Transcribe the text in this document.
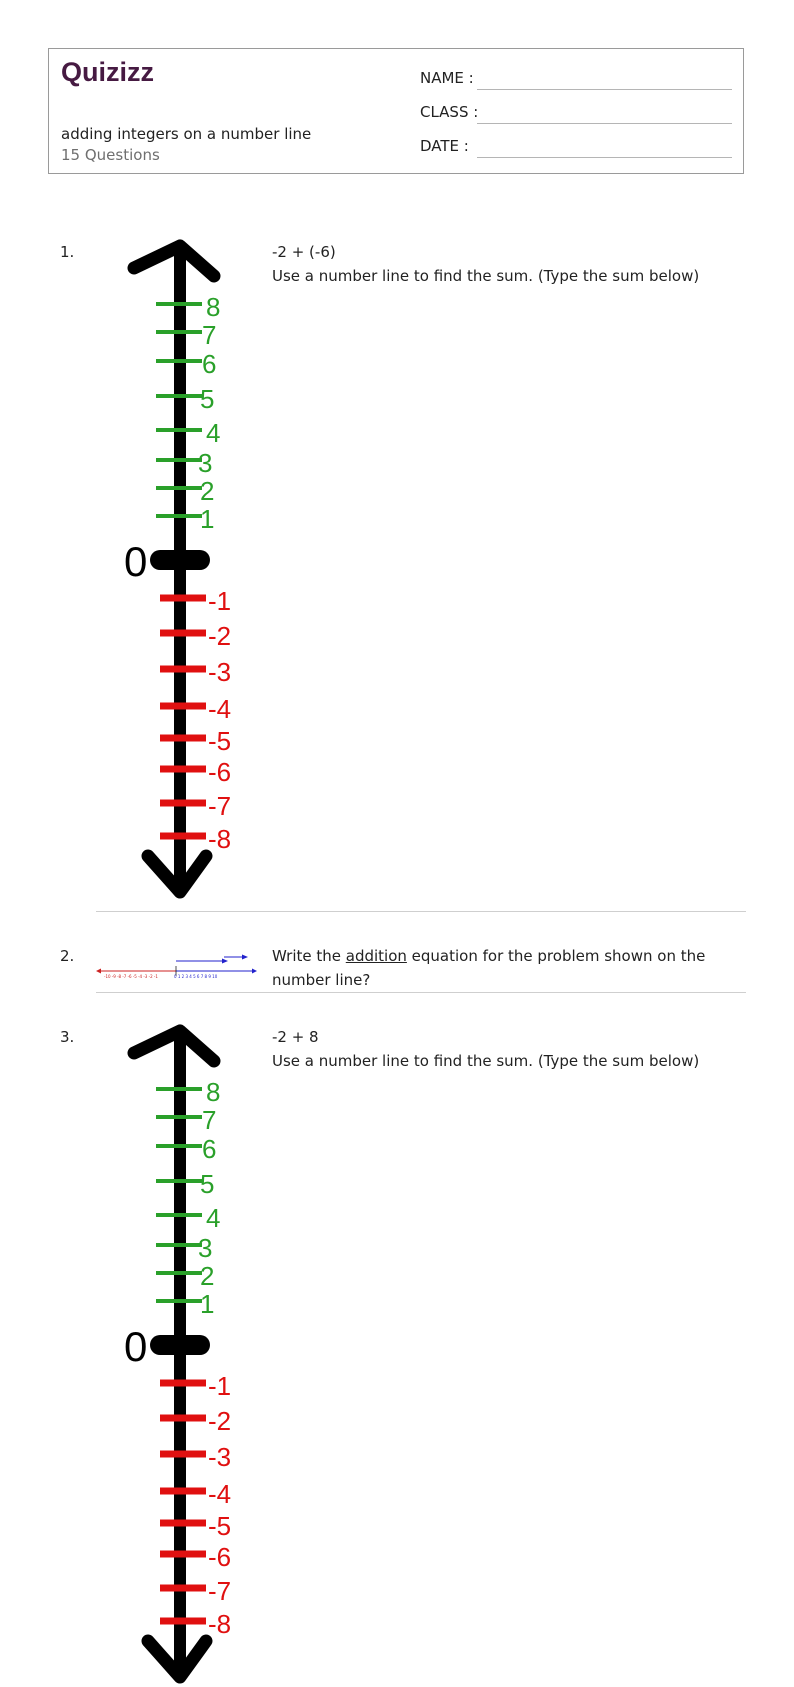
Quizizz
adding integers on a number line
15 Questions
NAME :
CLASS :
DATE :
1.
8
7
6
5
4
3
2
1
0
-1
-2
-3
-4
-5
-6
-7
-8

-2 + (-6)

Use a number line to find the sum. (Type the sum below)

2.
-10 -9 -8 -7 -6 -5 -4 -3 -2 -1	0 1 2 3 4 5 6 7 8 9 10
Write the addition equation for the problem shown on the number line?
3.
8
7
6
5
4
3
2
1
0
-1
-2
-3
-4
-5
-6
-7
-8

-2 + 8

Use a number line to find the sum. (Type the sum below)
